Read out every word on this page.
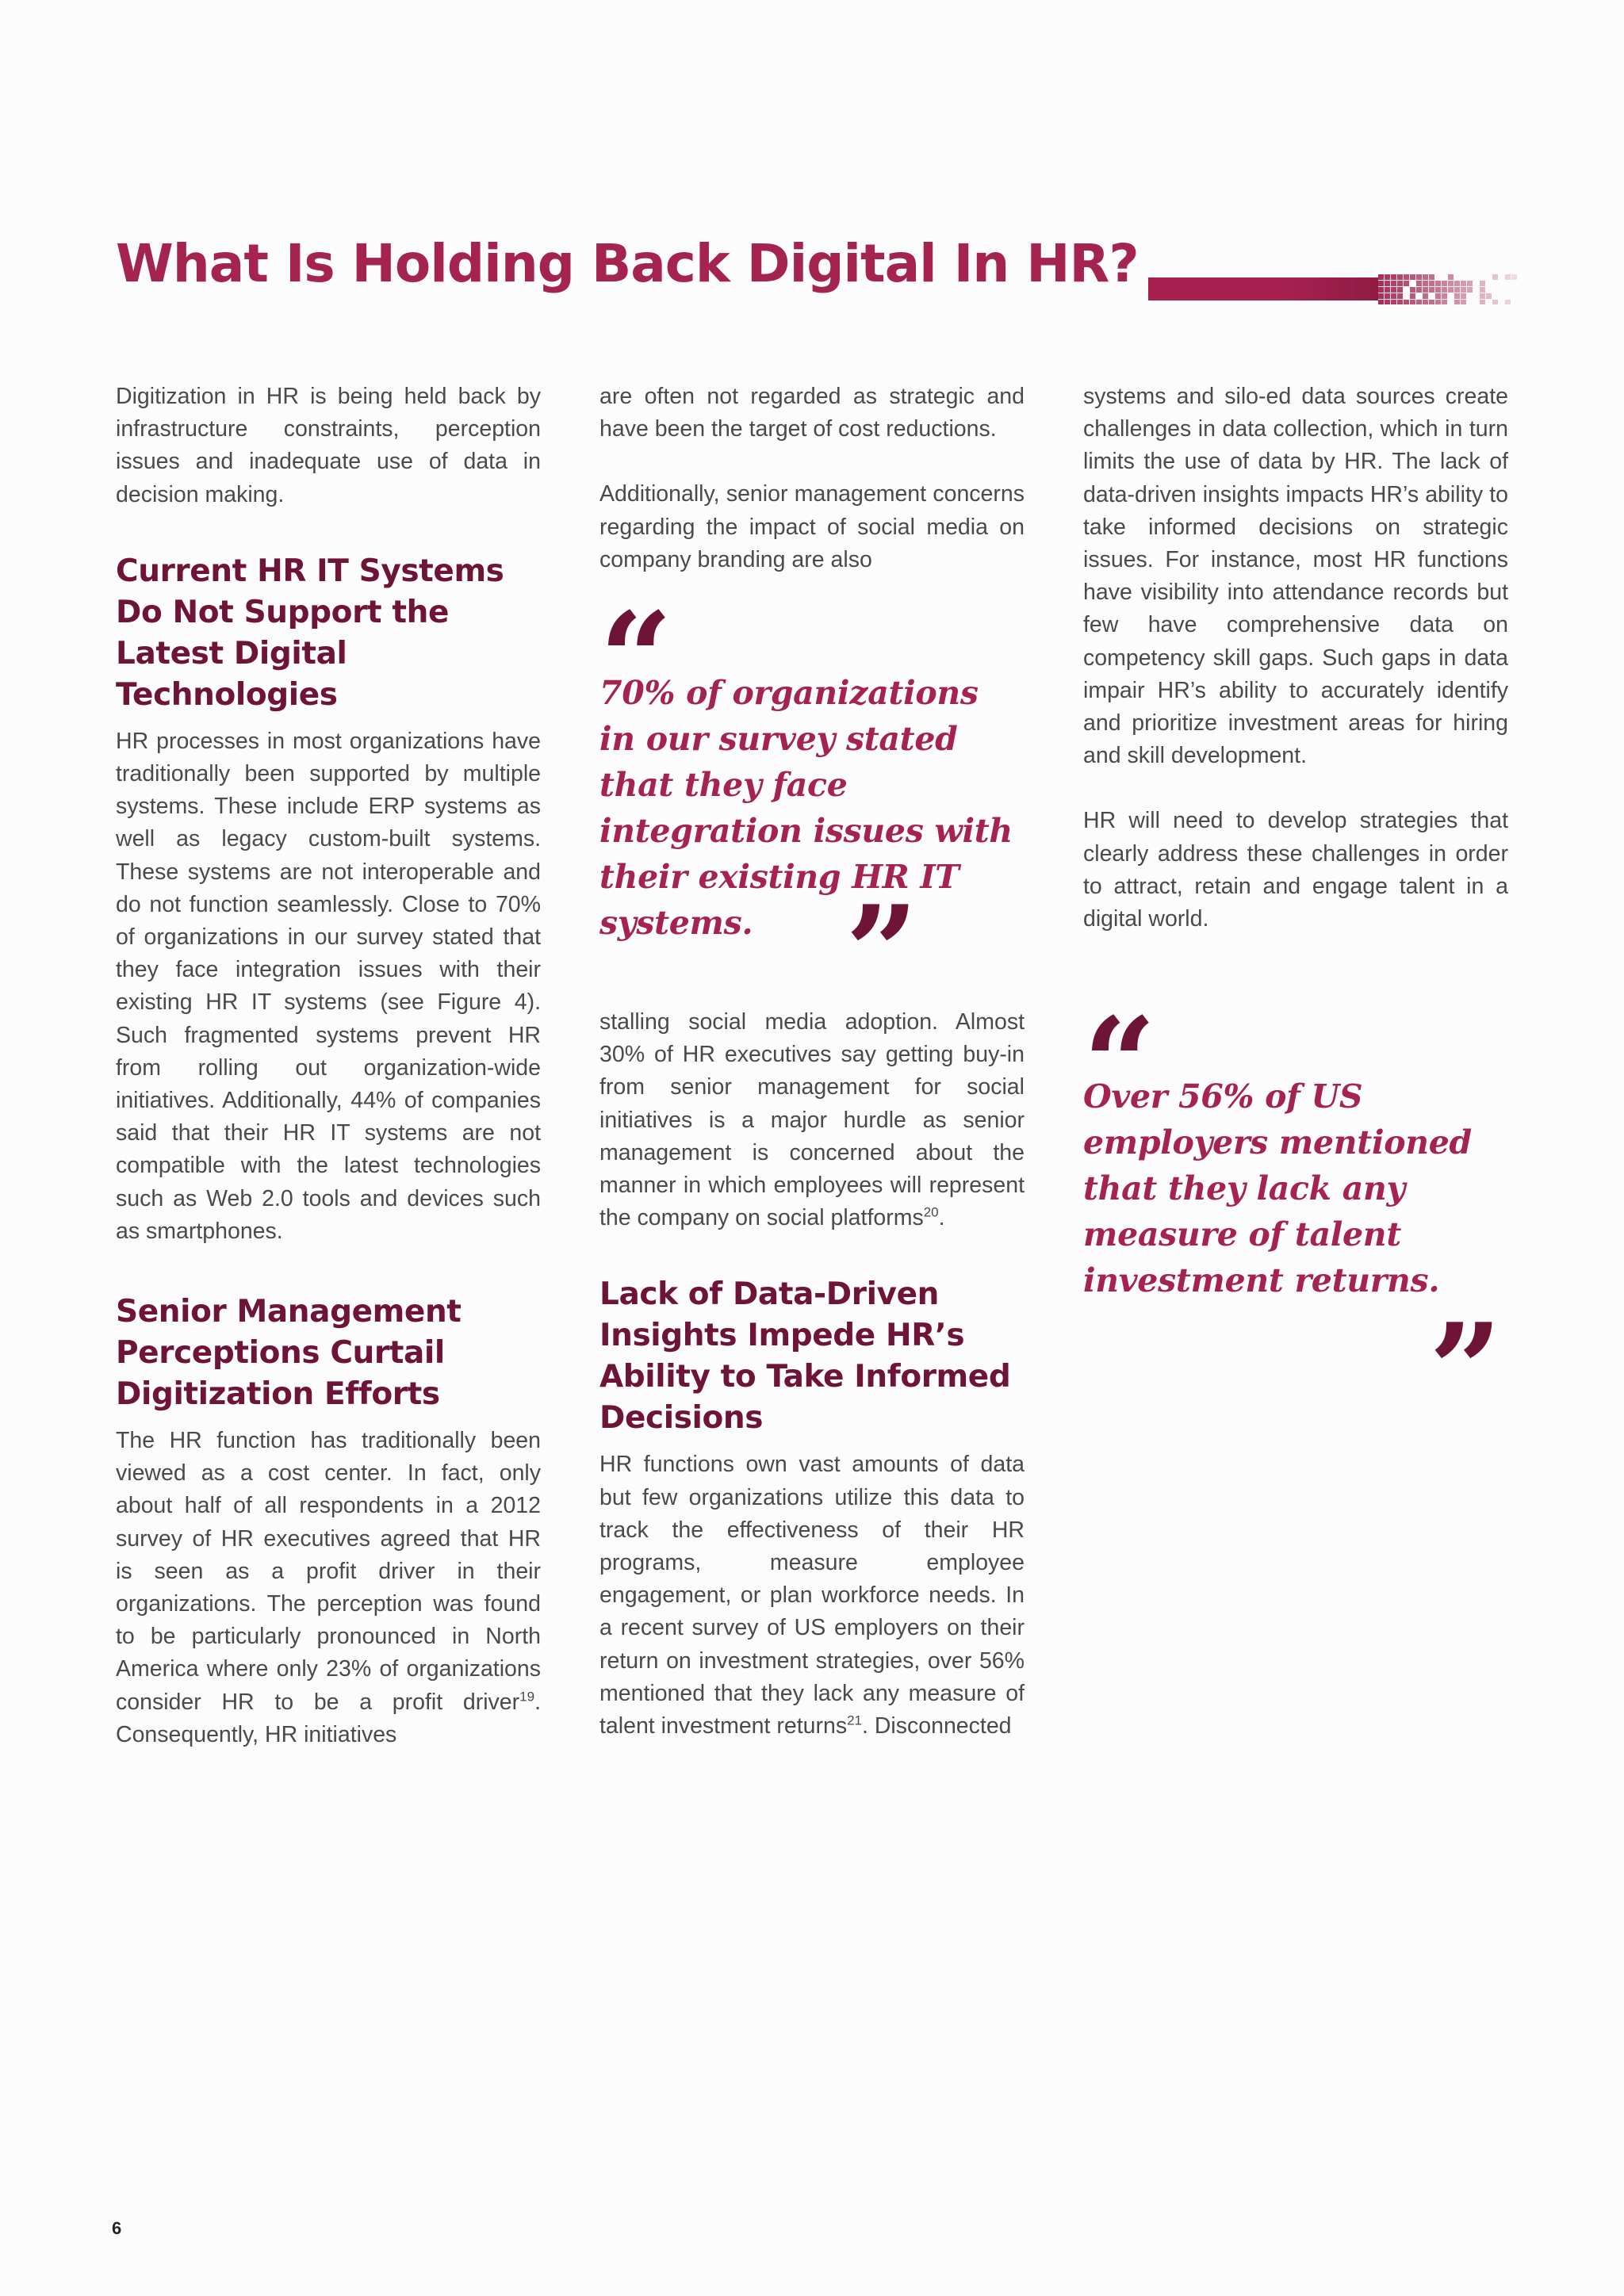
What Is Holding Back Digital In HR?

Digitization in HR is being held back by infrastructure constraints, perception issues and inadequate use of data in decision making.

Current HR IT Systems Do Not Support the Latest Digital Technologies

HR processes in most organizations have traditionally been supported by multiple systems. These include ERP systems as well as legacy custom-built systems. These systems are not interoperable and do not function seamlessly. Close to 70% of organizations in our survey stated that they face integration issues with their existing HR IT systems (see Figure 4). Such fragmented systems prevent HR from rolling out organization-wide initiatives. Additionally, 44% of companies said that their HR IT systems are not compatible with the latest technologies such as Web 2.0 tools and devices such as smartphones.

Senior Management Perceptions Curtail Digitization Efforts

The HR function has traditionally been viewed as a cost center. In fact, only about half of all respondents in a 2012 survey of HR executives agreed that HR is seen as a profit driver in their organizations. The perception was found to be particularly pronounced in North America where only 23% of organizations consider HR to be a profit driver$^{19}$. Consequently, HR initiatives

are often not regarded as strategic and have been the target of cost reductions.

Additionally, senior management concerns regarding the impact of social media on company branding are also

“

70% of organizations in our survey stated that they face integration issues with their existing HR IT systems. ”

stalling social media adoption. Almost 30% of HR executives say getting buy-in from senior management for social initiatives is a major hurdle as senior management is concerned about the manner in which employees will represent the company on social platforms$^{20}$.

Lack of Data-Driven Insights Impede HR’s Ability to Take Informed Decisions

HR functions own vast amounts of data but few organizations utilize this data to track the effectiveness of their HR programs, measure employee engagement, or plan workforce needs. In a recent survey of US employers on their return on investment strategies, over 56% mentioned that they lack any measure of talent investment returns$^{21}$. Disconnected

systems and silo-ed data sources create challenges in data collection, which in turn limits the use of data by HR. The lack of data-driven insights impacts HR’s ability to take informed decisions on strategic issues. For instance, most HR functions have visibility into attendance records but few have comprehensive data on competency skill gaps. Such gaps in data impair HR’s ability to accurately identify and prioritize investment areas for hiring and skill development.

HR will need to develop strategies that clearly address these challenges in order to attract, retain and engage talent in a digital world.

“

Over 56% of US employers mentioned that they lack any measure of talent investment returns.

”
6
